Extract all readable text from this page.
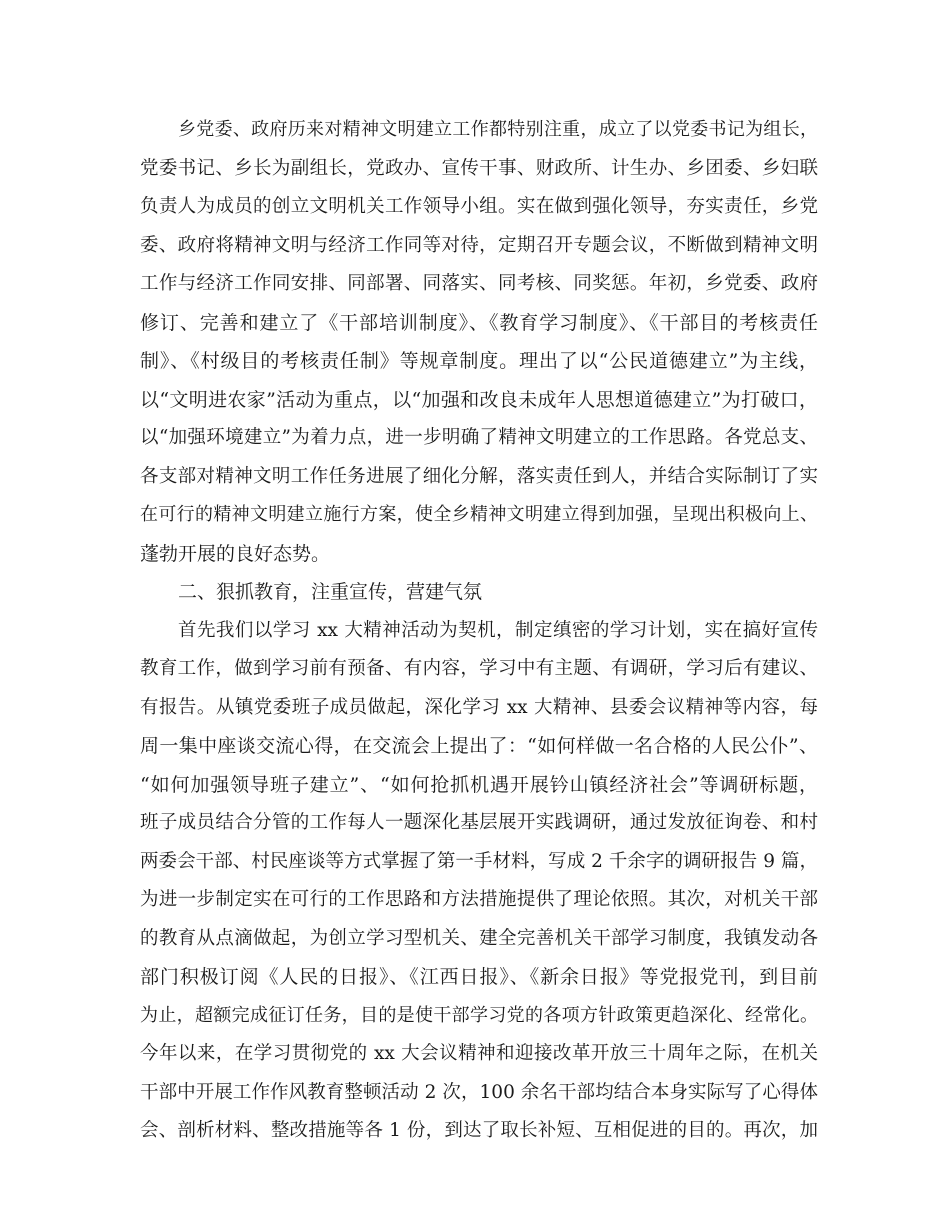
乡党委、政府历来对精神文明建立工作都特别注重，成立了以党委书记为组长，
党委书记、乡长为副组长，党政办、宣传干事、财政所、计生办、乡团委、乡妇联
负责人为成员的创立文明机关工作领导小组。实在做到强化领导，夯实责任，乡党
委、政府将精神文明与经济工作同等对待，定期召开专题会议，不断做到精神文明
工作与经济工作同安排、同部署、同落实、同考核、同奖惩。年初，乡党委、政府
修订、完善和建立了《干部培训制度》、《教育学习制度》、《干部目的考核责任
制》、《村级目的考核责任制》等规章制度。理出了以“公民道德建立”为主线，
以“文明进农家”活动为重点，以“加强和改良未成年人思想道德建立”为打破口，
以“加强环境建立”为着力点，进一步明确了精神文明建立的工作思路。各党总支、
各支部对精神文明工作任务进展了细化分解，落实责任到人，并结合实际制订了实
在可行的精神文明建立施行方案，使全乡精神文明建立得到加强，呈现出积极向上、
蓬勃开展的良好态势。
二、狠抓教育，注重宣传，营建气氛
首先我们以学习 xx 大精神活动为契机，制定缜密的学习计划，实在搞好宣传
教育工作，做到学习前有预备、有内容，学习中有主题、有调研，学习后有建议、
有报告。从镇党委班子成员做起，深化学习 xx 大精神、县委会议精神等内容，每
周一集中座谈交流心得，在交流会上提出了：“如何样做一名合格的人民公仆”、
“如何加强领导班子建立”、“如何抢抓机遇开展钤山镇经济社会”等调研标题，
班子成员结合分管的工作每人一题深化基层展开实践调研，通过发放征询卷、和村
两委会干部、村民座谈等方式掌握了第一手材料，写成 2 千余字的调研报告 9 篇，
为进一步制定实在可行的工作思路和方法措施提供了理论依照。其次，对机关干部
的教育从点滴做起，为创立学习型机关、建全完善机关干部学习制度，我镇发动各
部门积极订阅《人民的日报》、《江西日报》、《新余日报》等党报党刊，到目前
为止，超额完成征订任务，目的是使干部学习党的各项方针政策更趋深化、经常化。
今年以来，在学习贯彻党的 xx 大会议精神和迎接改革开放三十周年之际，在机关
干部中开展工作作风教育整顿活动 2 次，100 余名干部均结合本身实际写了心得体
会、剖析材料、整改措施等各 1 份，到达了取长补短、互相促进的目的。再次，加
